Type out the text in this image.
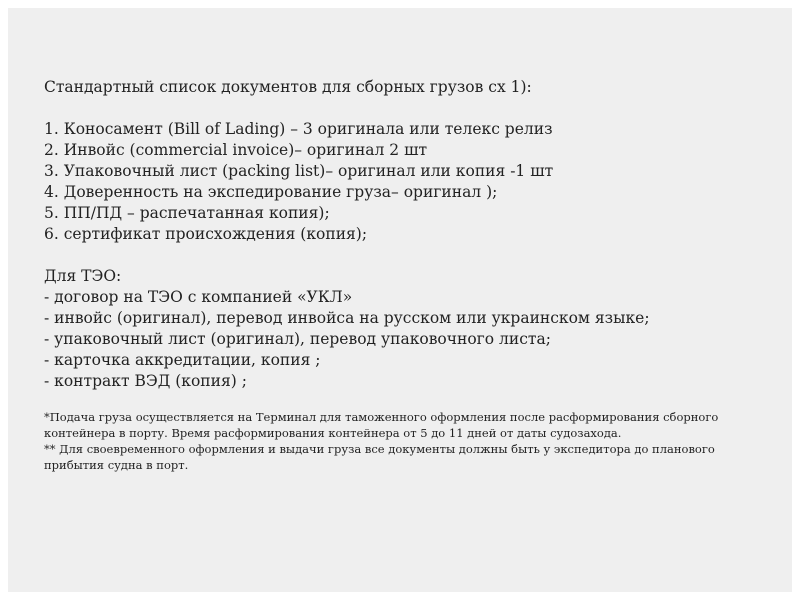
Стандартный список документов для сборных грузов сх 1):

1. Коносамент (Bill of Lading) – 3 оригинала или телекс релиз
2. Инвойс (commercial invoice)– оригинал 2 шт
3. Упаковочный лист (packing list)– оригинал или копия -1 шт
4. Доверенность на экспедирование груза– оригинал );
5. ПП/ПД – распечатанная копия);
6. сертификат происхождения (копия);

Для ТЭО:

- договор на ТЭО с компанией «УКЛ»
- инвойс (оригинал), перевод инвойса на русском или украинском языке;
- упаковочный лист (оригинал), перевод упаковочного листа;
- карточка аккредитации, копия ;
- контракт ВЭД (копия) ;

*Подача груза осуществляется на Терминал для таможенного оформления после расформирования сборного контейнера в порту. Время расформирования контейнера от 5 до 11 дней от даты судозахода.

** Для своевременного оформления и выдачи груза все документы должны быть у экспедитора до планового прибытия судна в порт.
